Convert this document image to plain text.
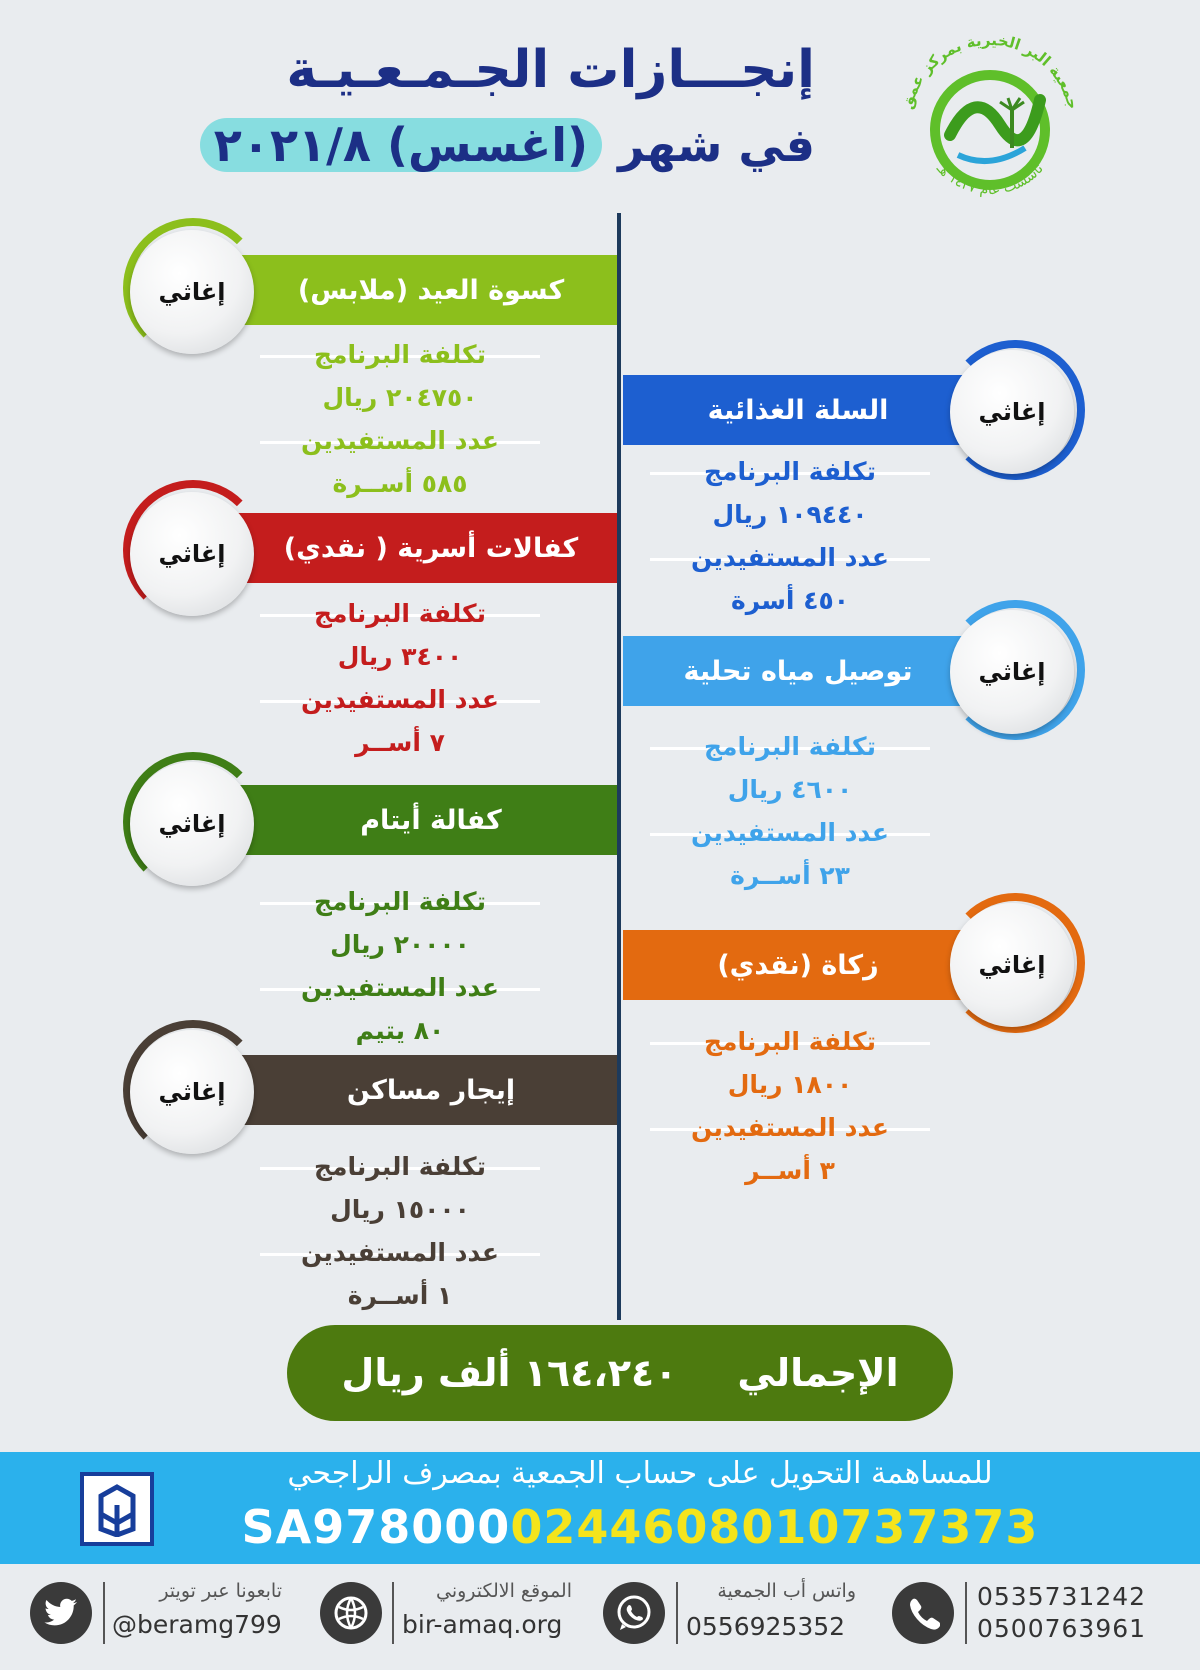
جمعية البر الخيرية بمركز عمق
تأسست عام ١٤٣٧ هـ
إنجـــازات الجـمـعـيـة
في شهر (اغسس) ٢٠٢١/٨
كسوة العيد (ملابس)
إغاثي
تكلفة البرنامج
٢٠٤٧٥٠ ريال
عدد المستفيدين
٥٨٥ أســرة
كفالات أسرية ( نقدي)
إغاثي
تكلفة البرنامج
٣٤٠٠ ريال
عدد المستفيدين
٧ أســر
كفالة أيتام
إغاثي
تكلفة البرنامج
٢٠٠٠٠ ريال
عدد المستفيدين
٨٠ يتيم
إيجار مساكن
إغاثي
تكلفة البرنامج
١٥٠٠٠ ريال
عدد المستفيدين
١ أســرة
السلة الغذائية	إغاثي
تكلفة البرنامج
١٠٩٤٤٠ ريال
عدد المستفيدين
٤٥٠ أسرة
توصيل مياه تحلية	إغاثي
تكلفة البرنامج
٤٦٠٠ ريال
عدد المستفيدين
٢٣ أســرة
زكاة (نقدي)	إغاثي
تكلفة البرنامج
١٨٠٠ ريال
عدد المستفيدين
٣ أســر
الإجمالي
١٦٤،٢٤٠ ألف ريال
للمساهمة التحويل على حساب الجمعية بمصرف الراجحي
SA9780000244608010737373
تابعونا عبر تويتر
@beramg799
الموقع الالكتروني
bir-amaq.org
واتس أب الجمعية
0556925352
0535731242
0500763961
